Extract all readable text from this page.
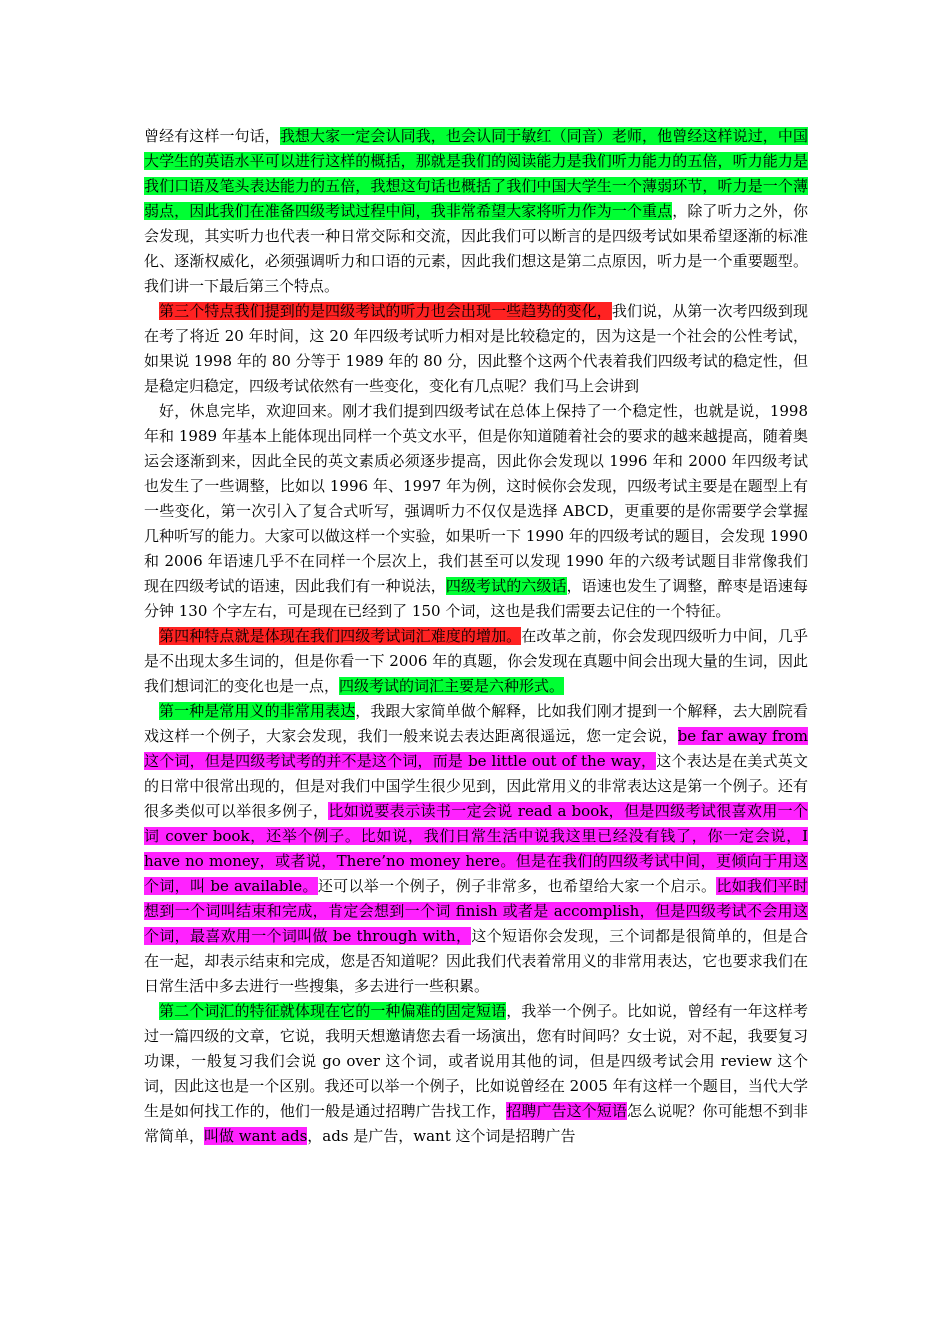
曾经有这样一句话，我想大家一定会认同我，也会认同于敏红（同音）老师，他曾经这样说过，中国大学生的英语水平可以进行这样的概括，那就是我们的阅读能力是我们听力能力的五倍，听力能力是我们口语及笔头表达能力的五倍，我想这句话也概括了我们中国大学生一个薄弱环节，听力是一个薄弱点，因此我们在准备四级考试过程中间，我非常希望大家将听力作为一个重点，除了听力之外，你会发现，其实听力也代表一种日常交际和交流，因此我们可以断言的是四级考试如果希望逐渐的标准化、逐渐权威化，必须强调听力和口语的元素，因此我们想这是第二点原因，听力是一个重要题型。我们讲一下最后第三个特点。

第三个特点我们提到的是四级考试的听力也会出现一些趋势的变化，我们说，从第一次考四级到现在考了将近 20 年时间，这 20 年四级考试听力相对是比较稳定的，因为这是一个社会的公性考试，如果说 1998 年的 80 分等于 1989 年的 80 分，因此整个这两个代表着我们四级考试的稳定性，但是稳定归稳定，四级考试依然有一些变化，变化有几点呢？我们马上会讲到

好，休息完毕，欢迎回来。刚才我们提到四级考试在总体上保持了一个稳定性，也就是说，1998 年和 1989 年基本上能体现出同样一个英文水平，但是你知道随着社会的要求的越来越提高，随着奥运会逐渐到来，因此全民的英文素质必须逐步提高，因此你会发现以 1996 年和 2000 年四级考试也发生了一些调整，比如以 1996 年、1997 年为例，这时候你会发现，四级考试主要是在题型上有一些变化，第一次引入了复合式听写，强调听力不仅仅是选择 ABCD，更重要的是你需要学会掌握几种听写的能力。大家可以做这样一个实验，如果听一下 1990 年的四级考试的题目，会发现 1990 和 2006 年语速几乎不在同样一个层次上，我们甚至可以发现 1990 年的六级考试题目非常像我们现在四级考试的语速，因此我们有一种说法，四级考试的六级话，语速也发生了调整，醉枣是语速每分钟 130 个字左右，可是现在已经到了 150 个词，这也是我们需要去记住的一个特征。

第四种特点就是体现在我们四级考试词汇难度的增加。在改革之前，你会发现四级听力中间，几乎是不出现太多生词的，但是你看一下 2006 年的真题，你会发现在真题中间会出现大量的生词，因此我们想词汇的变化也是一点，四级考试的词汇主要是六种形式。

第一种是常用义的非常用表达，我跟大家简单做个解释，比如我们刚才提到一个解释，去大剧院看戏这样一个例子，大家会发现，我们一般来说去表达距离很遥远，您一定会说，be far away from 这个词，但是四级考试考的并不是这个词，而是 be little out of the way，这个表达是在美式英文的日常中很常出现的，但是对我们中国学生很少见到，因此常用义的非常表达这是第一个例子。还有很多类似可以举很多例子，比如说要表示读书一定会说 read a book，但是四级考试很喜欢用一个词 cover book，还举个例子。比如说，我们日常生活中说我这里已经没有钱了，你一定会说，I have no money，或者说，There’no money here。但是在我们的四级考试中间，更倾向于用这个词，叫 be available。还可以举一个例子，例子非常多，也希望给大家一个启示。比如我们平时想到一个词叫结束和完成，肯定会想到一个词 finish 或者是 accomplish，但是四级考试不会用这个词，最喜欢用一个词叫做 be through with，这个短语你会发现，三个词都是很简单的，但是合在一起，却表示结束和完成，您是否知道呢？因此我们代表着常用义的非常用表达，它也要求我们在日常生活中多去进行一些搜集，多去进行一些积累。

第二个词汇的特征就体现在它的一种偏难的固定短语，我举一个例子。比如说，曾经有一年这样考过一篇四级的文章，它说，我明天想邀请您去看一场演出，您有时间吗？女士说，对不起，我要复习功课，一般复习我们会说 go over 这个词，或者说用其他的词，但是四级考试会用 review 这个词，因此这也是一个区别。我还可以举一个例子，比如说曾经在 2005 年有这样一个题目，当代大学生是如何找工作的，他们一般是通过招聘广告找工作，招聘广告这个短语怎么说呢？你可能想不到非常简单，叫做 want ads，ads 是广告，want 这个词是招聘广告
